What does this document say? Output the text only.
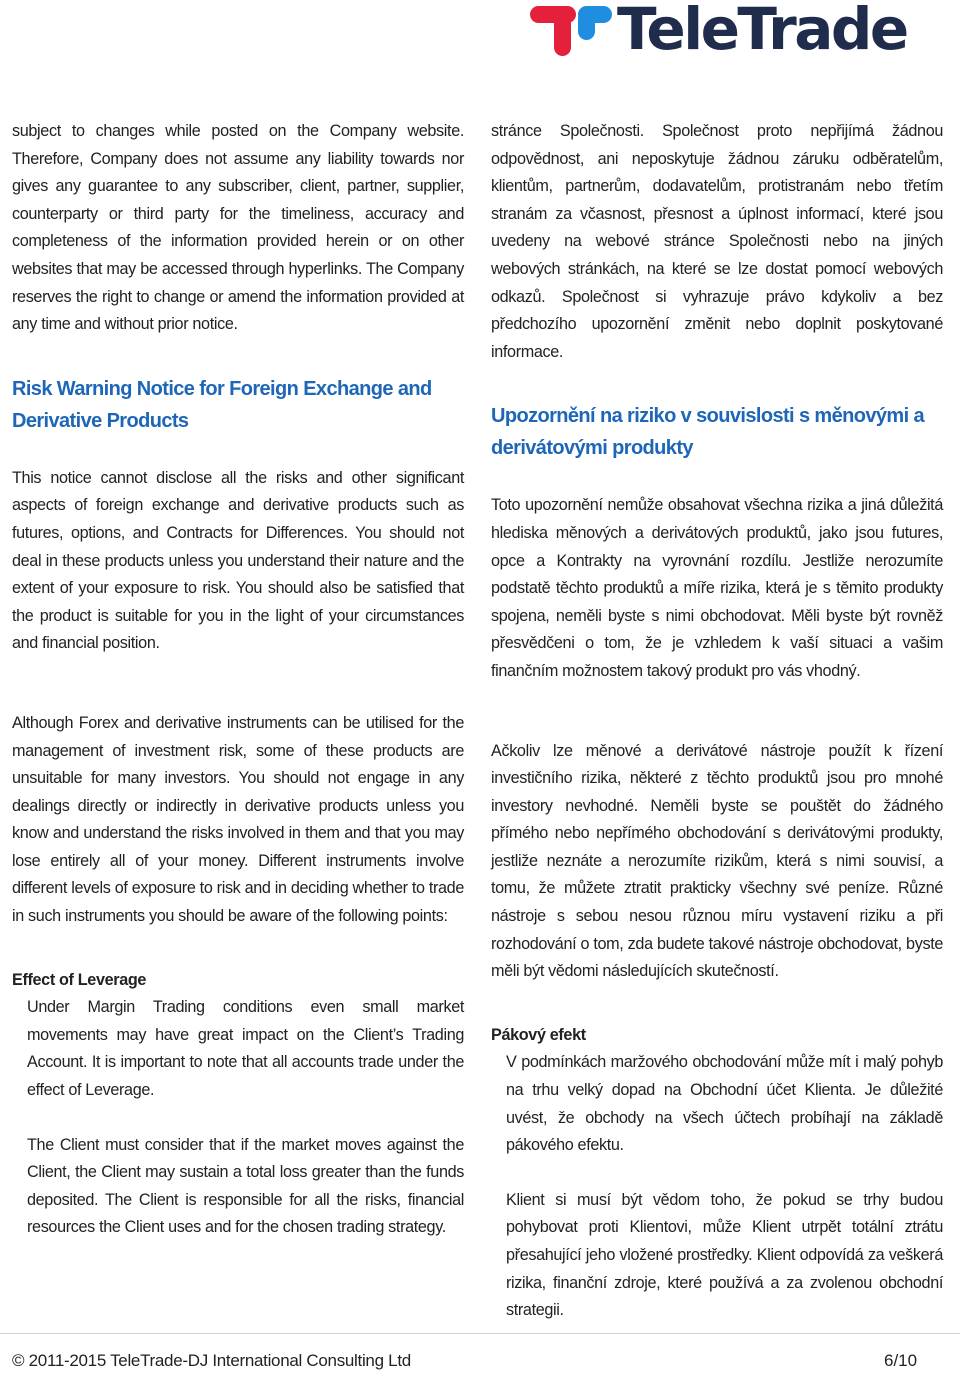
TeleTrade

subject to changes while posted on the Company website. Therefore, Company does not assume any liability towards nor gives any guarantee to any subscriber, client, partner, supplier, counterparty or third party for the timeliness, accuracy and completeness of the information provided herein or on other websites that may be accessed through hyperlinks. The Company reserves the right to change or amend the information provided at any time and without prior notice.

Risk Warning Notice for Foreign Exchange and Derivative Products

This notice cannot disclose all the risks and other significant aspects of foreign exchange and derivative products such as futures, options, and Contracts for Differences. You should not deal in these products unless you understand their nature and the extent of your exposure to risk. You should also be satisfied that the product is suitable for you in the light of your circumstances and financial position.

Although Forex and derivative instruments can be utilised for the management of investment risk, some of these products are unsuitable for many investors. You should not engage in any dealings directly or indirectly in derivative products unless you know and understand the risks involved in them and that you may lose entirely all of your money. Different instruments involve different levels of exposure to risk and in deciding whether to trade in such instruments you should be aware of the following points:

Effect of Leverage

Under Margin Trading conditions even small market movements may have great impact on the Client’s Trading Account. It is important to note that all accounts trade under the effect of Leverage.

The Client must consider that if the market moves against the Client, the Client may sustain a total loss greater than the funds deposited. The Client is responsible for all the risks, financial resources the Client uses and for the chosen trading strategy.

stránce Společnosti. Společnost proto nepřijímá žádnou odpovědnost, ani neposkytuje žádnou záruku odběratelům, klientům, partnerům, dodavatelům, protistranám nebo třetím stranám za včasnost, přesnost a úplnost informací, které jsou uvedeny na webové stránce Společnosti nebo na jiných webových stránkách, na které se lze dostat pomocí webových odkazů. Společnost si vyhrazuje právo kdykoliv a bez předchozího upozornění změnit nebo doplnit poskytované informace.

Upozornění na riziko v souvislosti s měnovými a derivátovými produkty

Toto upozornění nemůže obsahovat všechna rizika a jiná důležitá hlediska měnových a derivátových produktů, jako jsou futures, opce a Kontrakty na vyrovnání rozdílu. Jestliže nerozumíte podstatě těchto produktů a míře rizika, která je s těmito produkty spojena, neměli byste s nimi obchodovat. Měli byste být rovněž přesvědčeni o tom, že je vzhledem k vaší situaci a vašim finančním možnostem takový produkt pro vás vhodný.

Ačkoliv lze měnové a derivátové nástroje použít k řízení investičního rizika, některé z těchto produktů jsou pro mnohé investory nevhodné. Neměli byste se pouštět do žádného přímého nebo nepřímého obchodování s derivátovými produkty, jestliže neznáte a nerozumíte rizikům, která s nimi souvisí, a tomu, že můžete ztratit prakticky všechny své peníze. Různé nástroje s sebou nesou různou míru vystavení riziku a při rozhodování o tom, zda budete takové nástroje obchodovat, byste měli být vědomi následujících skutečností.

Pákový efekt

V podmínkách maržového obchodování může mít i malý pohyb na trhu velký dopad na Obchodní účet Klienta. Je důležité uvést, že obchody na všech účtech probíhají na základě pákového efektu.

Klient si musí být vědom toho, že pokud se trhy budou pohybovat proti Klientovi, může Klient utrpět totální ztrátu přesahující jeho vložené prostředky. Klient odpovídá za veškerá rizika, finanční zdroje, které používá a za zvolenou obchodní strategii.

© 2011-2015 TeleTrade-DJ International Consulting Ltd	6/10
